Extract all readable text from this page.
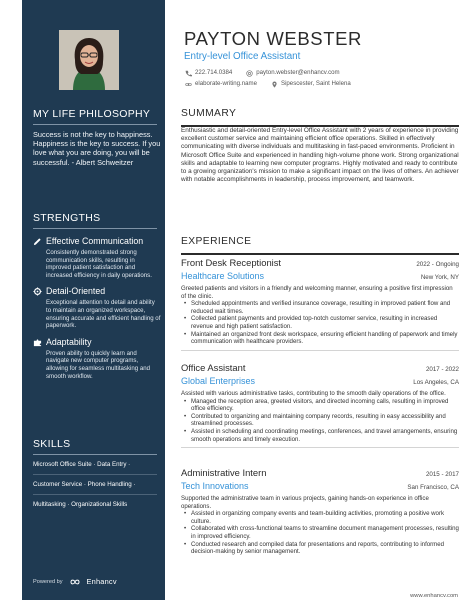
MY LIFE PHILOSOPHY
Success is not the key to happiness. Happiness is the key to success. If you love what you are doing, you will be successful. - Albert Schweitzer
STRENGTHS
Effective Communication
Consistently demonstrated strong communication skills, resulting in improved patient satisfaction and increased efficiency in daily operations.
Detail-Oriented
Exceptional attention to detail and ability to maintain an organized workspace, ensuring accurate and efficient handling of paperwork.
Adaptability
Proven ability to quickly learn and navigate new computer programs, allowing for seamless multitasking and smooth workflow.
SKILLS
Microsoft Office Suite · Data Entry ·
Customer Service · Phone Handling ·
Multitasking · Organizational Skills
Powered by	Enhancv
PAYTON WEBSTER
Entry-level Office Assistant
222.714.0384	payton.webster@enhancv.com
elaborate-writing.name	Sipescester, Saint Helena
SUMMARY
Enthusiastic and detail-oriented Entry-level Office Assistant with 2 years of experience in providing excellent customer service and maintaining efficient office operations. Skilled in effectively communicating with diverse individuals and multitasking in fast-paced environments. Proficient in Microsoft Office Suite and experienced in handling high-volume phone work. Strong organizational skills and adaptable to learning new computer programs. Highly motivated and ready to contribute to a growing organization's mission to make a significant impact on the lives of others. An achiever with notable accomplishments in leadership, process improvement, and teamwork.
EXPERIENCE
Front Desk Receptionist	2022 - Ongoing
Healthcare Solutions	New York, NY
Greeted patients and visitors in a friendly and welcoming manner, ensuring a positive first impression of the clinic.
• Scheduled appointments and verified insurance coverage, resulting in improved patient flow and reduced wait times.
• Collected patient payments and provided top-notch customer service, resulting in increased revenue and high patient satisfaction.
• Maintained an organized front desk workspace, ensuring efficient handling of paperwork and timely communication with healthcare providers.
Office Assistant	2017 - 2022
Global Enterprises	Los Angeles, CA
Assisted with various administrative tasks, contributing to the smooth daily operations of the office.
• Managed the reception area, greeted visitors, and directed incoming calls, resulting in improved office efficiency.
• Contributed to organizing and maintaining company records, resulting in easy accessibility and streamlined processes.
• Assisted in scheduling and coordinating meetings, conferences, and travel arrangements, ensuring smooth operations and timely execution.
Administrative Intern	2015 - 2017
Tech Innovations	San Francisco, CA
Supported the administrative team in various projects, gaining hands-on experience in office operations.
• Assisted in organizing company events and team-building activities, promoting a positive work culture.
• Collaborated with cross-functional teams to streamline document management processes, resulting in improved efficiency.
• Conducted research and compiled data for presentations and reports, contributing to informed decision-making by senior management.
www.enhancv.com
